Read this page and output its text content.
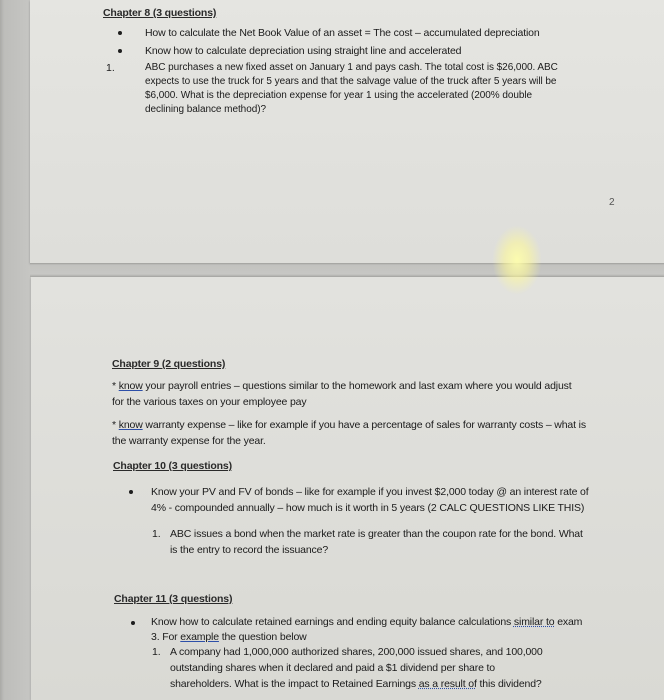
Chapter 8 (3 questions)
How to calculate the Net Book Value of an asset = The cost – accumulated depreciation
Know how to calculate depreciation using straight line and accelerated
1.	ABC purchases a new fixed asset on January 1 and pays cash. The total cost is $26,000. ABC
expects to use the truck for 5 years and that the salvage value of the truck after 5 years will be
$6,000. What is the depreciation expense for year 1 using the accelerated (200% double
declining balance method)?
2
Chapter 9 (2 questions)
* know your payroll entries – questions similar to the homework and last exam where you would adjust
for the various taxes on your employee pay
* know warranty expense – like for example if you have a percentage of sales for warranty costs – what is
the warranty expense for the year.
Chapter 10 (3 questions)
Know your PV and FV of bonds – like for example if you invest $2,000 today @ an interest rate of
4% - compounded annually – how much is it worth in 5 years (2 CALC QUESTIONS LIKE THIS)
1. ABC issues a bond when the market rate is greater than the coupon rate for the bond. What
is the entry to record the issuance?
Chapter 11 (3 questions)
Know how to calculate retained earnings and ending equity balance calculations similar to exam
3. For example the question below
1. A company had 1,000,000 authorized shares, 200,000 issued shares, and 100,000
outstanding shares when it declared and paid a $1 dividend per share to
shareholders. What is the impact to Retained Earnings as a result of this dividend?
